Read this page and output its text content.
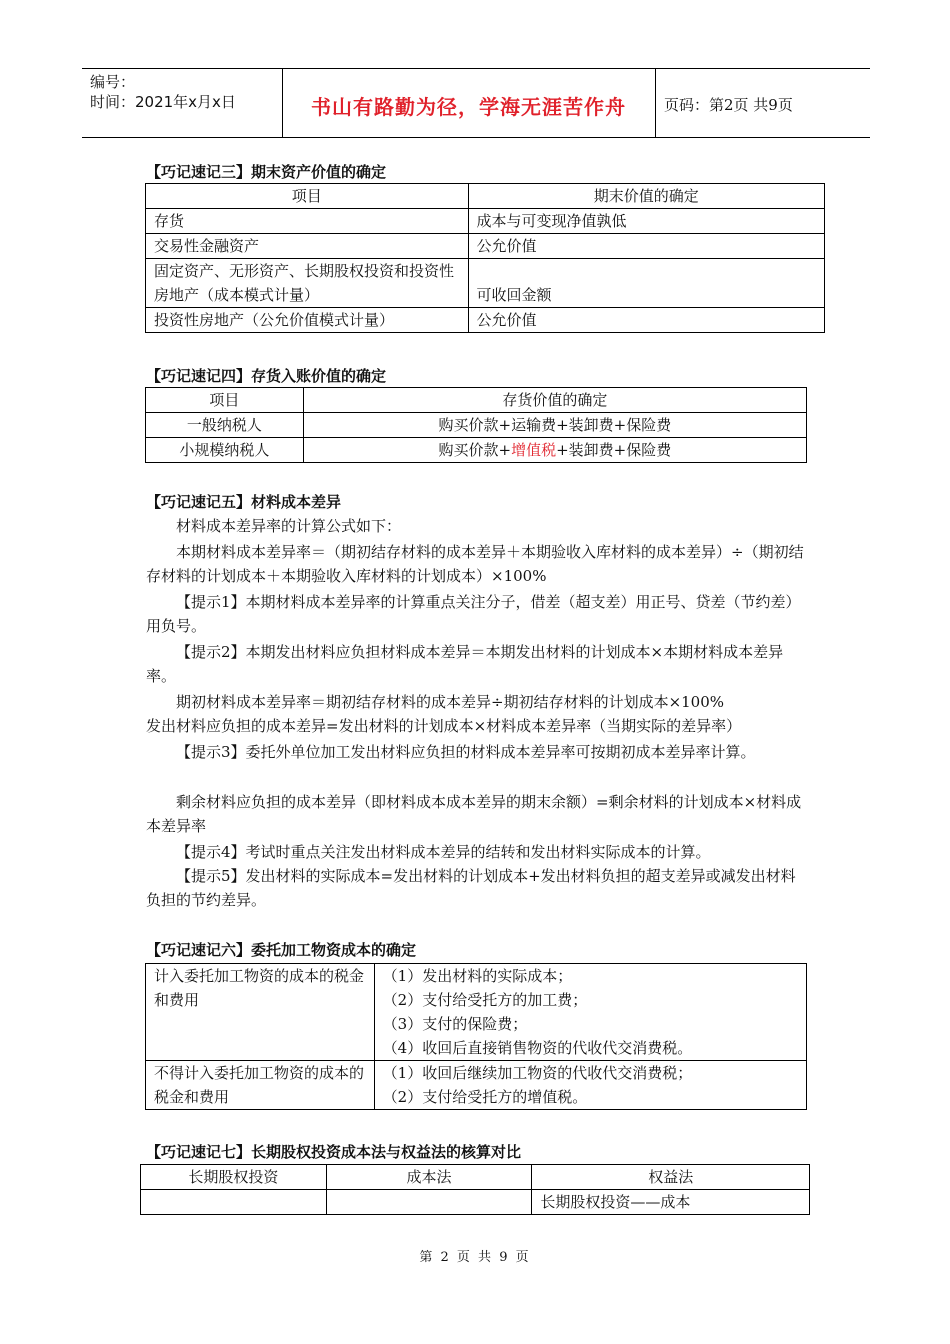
编号：
时间：2021年x月x日	书山有路勤为径，学海无涯苦作舟	页码：第2页 共9页
【巧记速记三】期末资产价值的确定
项目	期末价值的确定
存货	成本与可变现净值孰低
交易性金融资产	公允价值
固定资产、无形资产、长期股权投资和投资性房地产（成本模式计量）	可收回金额
投资性房地产（公允价值模式计量）	公允价值
【巧记速记四】存货入账价值的确定
项目	存货价值的确定
一般纳税人	购买价款+运输费+装卸费+保险费
小规模纳税人	购买价款+增值税+装卸费+保险费
【巧记速记五】材料成本差异

材料成本差异率的计算公式如下：

本期材料成本差异率＝（期初结存材料的成本差异＋本期验收入库材料的成本差异）÷（期初结存材料的计划成本＋本期验收入库材料的计划成本）×100%

【提示1】本期材料成本差异率的计算重点关注分子，借差（超支差）用正号、贷差（节约差）用负号。

【提示2】本期发出材料应负担材料成本差异＝本期发出材料的计划成本×本期材料成本差异率。

期初材料成本差异率＝期初结存材料的成本差异÷期初结存材料的计划成本×100%

发出材料应负担的成本差异=发出材料的计划成本×材料成本差异率（当期实际的差异率）

【提示3】委托外单位加工发出材料应负担的材料成本差异率可按期初成本差异率计算。

剩余材料应负担的成本差异（即材料成本成本差异的期末余额）=剩余材料的计划成本×材料成本差异率

【提示4】考试时重点关注发出材料成本差异的结转和发出材料实际成本的计算。

【提示5】发出材料的实际成本=发出材料的计划成本+发出材料负担的超支差异或减发出材料负担的节约差异。

【巧记速记六】委托加工物资成本的确定
计入委托加工物资的成本的税金和费用	（1）发出材料的实际成本；
（2）支付给受托方的加工费；
（3）支付的保险费；
（4）收回后直接销售物资的代收代交消费税。

不得计入委托加工物资的成本的税金和费用	（1）收回后继续加工物资的代收代交消费税；
（2）支付给受托方的增值税。
【巧记速记七】长期股权投资成本法与权益法的核算对比
长期股权投资	成本法	权益法
		长期股权投资——成本
第 2 页 共 9 页
